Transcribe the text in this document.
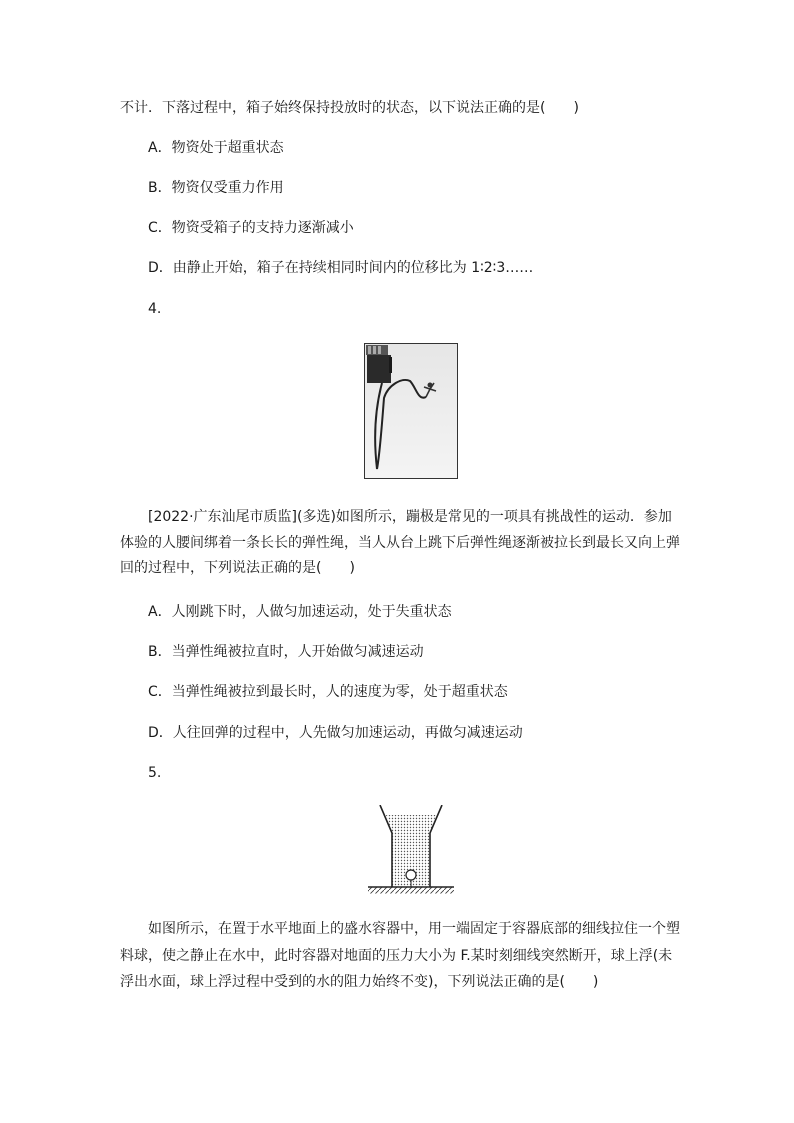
不计．下落过程中，箱子始终保持投放时的状态，以下说法正确的是(　　)
A．物资处于超重状态
B．物资仅受重力作用
C．物资受箱子的支持力逐渐减小
D．由静止开始，箱子在持续相同时间内的位移比为 1∶2∶3……
4.
[2022·广东汕尾市质监](多选)如图所示，蹦极是常见的一项具有挑战性的运动．参加
体验的人腰间绑着一条长长的弹性绳，当人从台上跳下后弹性绳逐渐被拉长到最长又向上弹
回的过程中，下列说法正确的是(　　)
A．人刚跳下时，人做匀加速运动，处于失重状态
B．当弹性绳被拉直时，人开始做匀减速运动
C．当弹性绳被拉到最长时，人的速度为零，处于超重状态
D．人往回弹的过程中，人先做匀加速运动，再做匀减速运动
5.
如图所示，在置于水平地面上的盛水容器中，用一端固定于容器底部的细线拉住一个塑
料球，使之静止在水中，此时容器对地面的压力大小为 F.某时刻细线突然断开，球上浮(未
浮出水面，球上浮过程中受到的水的阻力始终不变)，下列说法正确的是(　　)
